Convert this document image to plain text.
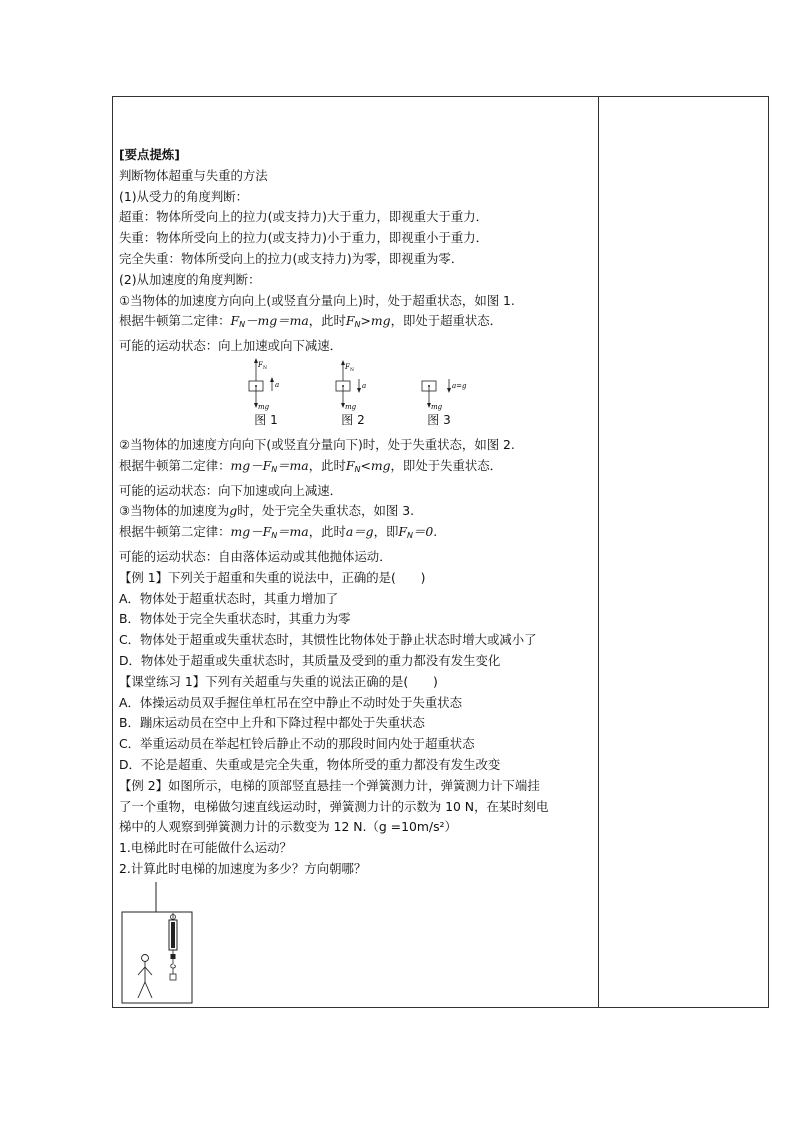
[要点提炼]
判断物体超重与失重的方法
(1)从受力的角度判断：
超重：物体所受向上的拉力(或支持力)大于重力，即视重大于重力．
失重：物体所受向上的拉力(或支持力)小于重力，即视重小于重力．
完全失重：物体所受向上的拉力(或支持力)为零，即视重为零．
(2)从加速度的角度判断：
①当物体的加速度方向向上(或竖直分量向上)时，处于超重状态，如图 1.
根据牛顿第二定律：$F_N-mg=ma$，此时$F_N>mg$，即处于超重状态．
可能的运动状态：向上加速或向下减速．
F N
mg
a
图 1
F N
mg
a
图 2
mg
a=g
图 3
②当物体的加速度方向向下(或竖直分量向下)时，处于失重状态，如图 2.
根据牛顿第二定律：$mg-F_N=ma$，此时$F_N<mg$，即处于失重状态．
可能的运动状态：向下加速或向上减速．
③当物体的加速度为g时，处于完全失重状态，如图 3.
根据牛顿第二定律：$mg-F_N=ma$，此时a＝g，即$F_N=0$.
可能的运动状态：自由落体运动或其他抛体运动．
【例 1】下列关于超重和失重的说法中，正确的是(　　)
A．物体处于超重状态时，其重力增加了
B．物体处于完全失重状态时，其重力为零
C．物体处于超重或失重状态时，其惯性比物体处于静止状态时增大或减小了
D．物体处于超重或失重状态时，其质量及受到的重力都没有发生变化
【课堂练习 1】下列有关超重与失重的说法正确的是(　　)
A．体操运动员双手握住单杠吊在空中静止不动时处于失重状态
B．蹦床运动员在空中上升和下降过程中都处于失重状态
C．举重运动员在举起杠铃后静止不动的那段时间内处于超重状态
D．不论是超重、失重或是完全失重，物体所受的重力都没有发生改变
【例 2】如图所示，电梯的顶部竖直悬挂一个弹簧测力计，弹簧测力计下端挂
了一个重物，电梯做匀速直线运动时，弹簧测力计的示数为 10 N，在某时刻电
梯中的人观察到弹簧测力计的示数变为 12 N.（g =10m/s²）
1.电梯此时在可能做什么运动？
2.计算此时电梯的加速度为多少？方向朝哪？
